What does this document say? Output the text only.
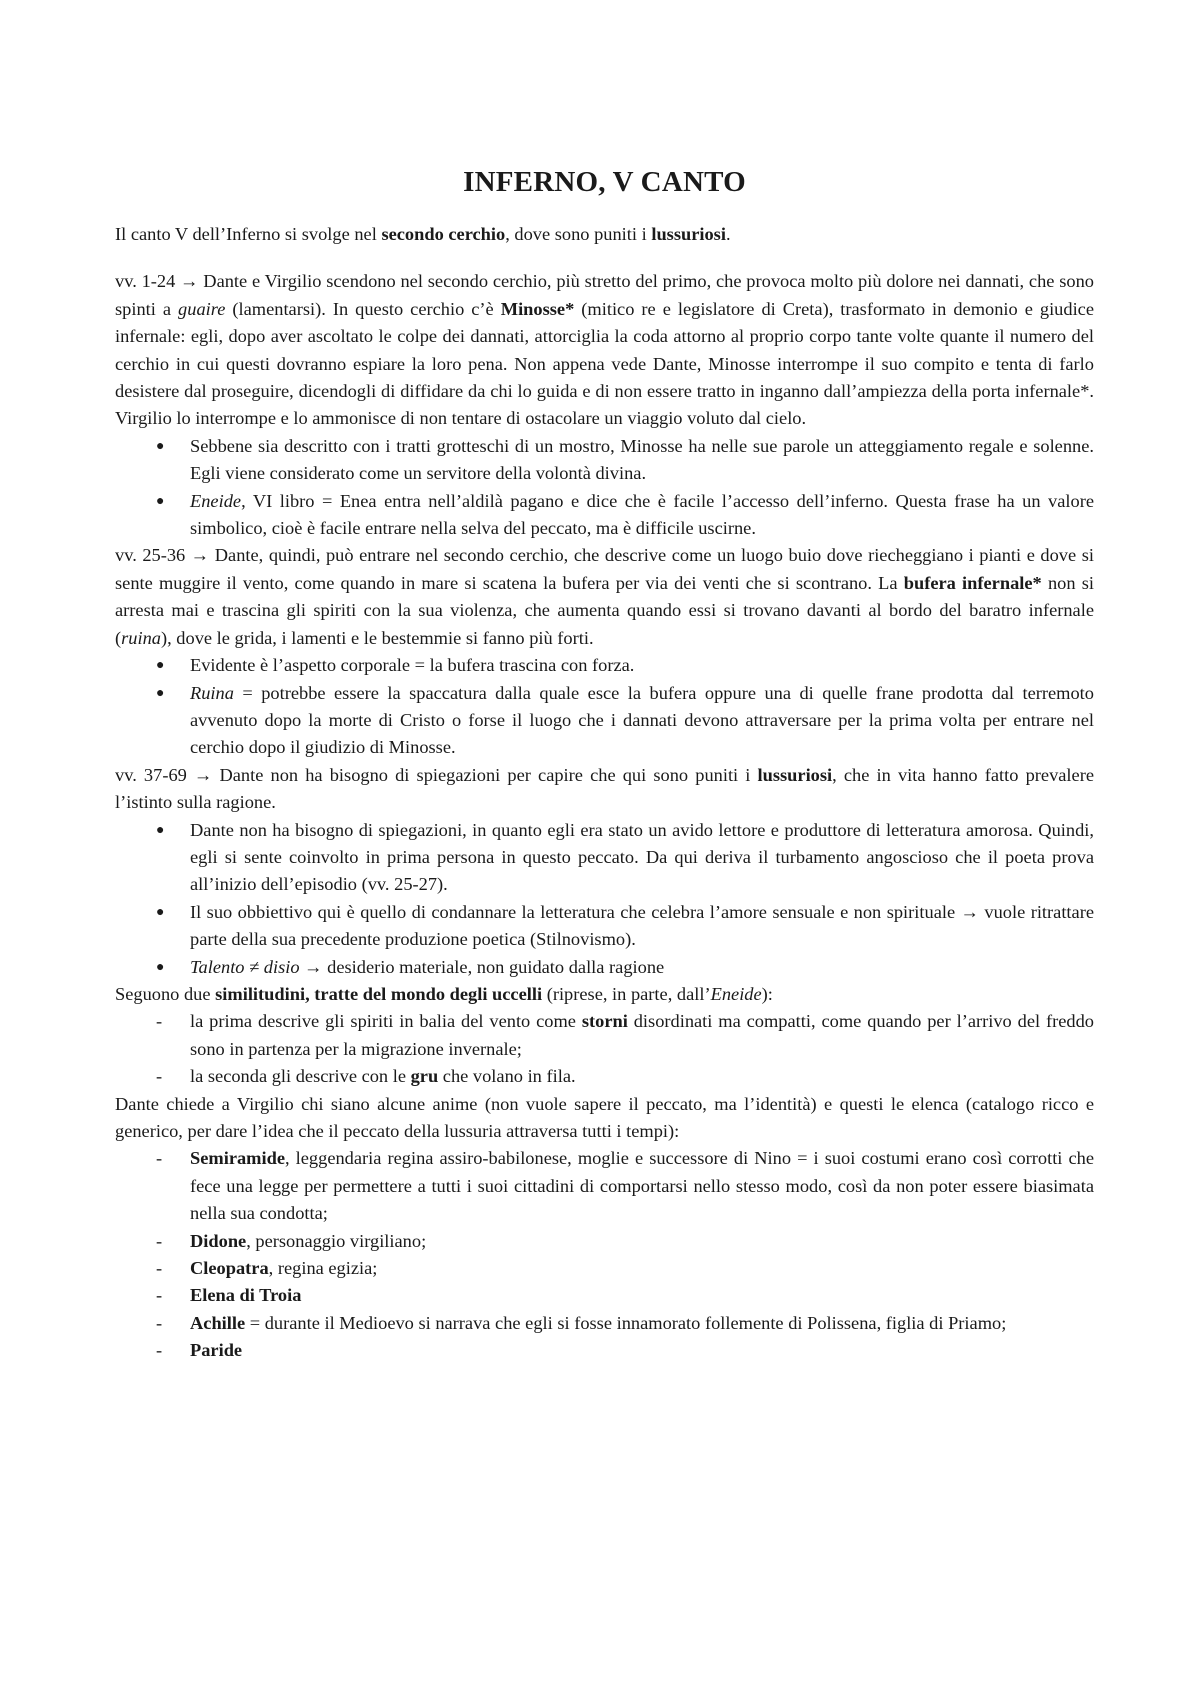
INFERNO, V CANTO

Il canto V dell’Inferno si svolge nel secondo cerchio, dove sono puniti i lussuriosi.

vv. 1-24 → Dante e Virgilio scendono nel secondo cerchio, più stretto del primo, che provoca molto più dolore nei dannati, che sono spinti a guaire (lamentarsi). In questo cerchio c’è Minosse* (mitico re e legislatore di Creta), trasformato in demonio e giudice infernale: egli, dopo aver ascoltato le colpe dei dannati, attorciglia la coda attorno al proprio corpo tante volte quante il numero del cerchio in cui questi dovranno espiare la loro pena. Non appena vede Dante, Minosse interrompe il suo compito e tenta di farlo desistere dal proseguire, dicendogli di diffidare da chi lo guida e di non essere tratto in inganno dall’ampiezza della porta infernale*. Virgilio lo interrompe e lo ammonisce di non tentare di ostacolare un viaggio voluto dal cielo.

● Sebbene sia descritto con i tratti grotteschi di un mostro, Minosse ha nelle sue parole un atteggiamento regale e solenne. Egli viene considerato come un servitore della volontà divina.
● Eneide, VI libro = Enea entra nell’aldilà pagano e dice che è facile l’accesso dell’inferno. Questa frase ha un valore simbolico, cioè è facile entrare nella selva del peccato, ma è difficile uscirne.

vv. 25-36 → Dante, quindi, può entrare nel secondo cerchio, che descrive come un luogo buio dove riecheggiano i pianti e dove si sente muggire il vento, come quando in mare si scatena la bufera per via dei venti che si scontrano. La bufera infernale* non si arresta mai e trascina gli spiriti con la sua violenza, che aumenta quando essi si trovano davanti al bordo del baratro infernale (ruina), dove le grida, i lamenti e le bestemmie si fanno più forti.

● Evidente è l’aspetto corporale = la bufera trascina con forza.
● Ruina = potrebbe essere la spaccatura dalla quale esce la bufera oppure una di quelle frane prodotta dal terremoto avvenuto dopo la morte di Cristo o forse il luogo che i dannati devono attraversare per la prima volta per entrare nel cerchio dopo il giudizio di Minosse.

vv. 37-69 → Dante non ha bisogno di spiegazioni per capire che qui sono puniti i lussuriosi, che in vita hanno fatto prevalere l’istinto sulla ragione.

● Dante non ha bisogno di spiegazioni, in quanto egli era stato un avido lettore e produttore di letteratura amorosa. Quindi, egli si sente coinvolto in prima persona in questo peccato. Da qui deriva il turbamento angoscioso che il poeta prova all’inizio dell’episodio (vv. 25-27).
● Il suo obbiettivo qui è quello di condannare la letteratura che celebra l’amore sensuale e non spirituale → vuole ritrattare parte della sua precedente produzione poetica (Stilnovismo).
● Talento ≠ disio → desiderio materiale, non guidato dalla ragione

Seguono due similitudini, tratte del mondo degli uccelli (riprese, in parte, dall’Eneide):

- la prima descrive gli spiriti in balia del vento come storni disordinati ma compatti, come quando per l’arrivo del freddo sono in partenza per la migrazione invernale;
- la seconda gli descrive con le gru che volano in fila.

Dante chiede a Virgilio chi siano alcune anime (non vuole sapere il peccato, ma l’identità) e questi le elenca (catalogo ricco e generico, per dare l’idea che il peccato della lussuria attraversa tutti i tempi):

- Semiramide, leggendaria regina assiro-babilonese, moglie e successore di Nino = i suoi costumi erano così corrotti che fece una legge per permettere a tutti i suoi cittadini di comportarsi nello stesso modo, così da non poter essere biasimata nella sua condotta;
- Didone, personaggio virgiliano;
- Cleopatra, regina egizia;
- Elena di Troia
- Achille = durante il Medioevo si narrava che egli si fosse innamorato follemente di Polissena, figlia di Priamo;
- Paride
